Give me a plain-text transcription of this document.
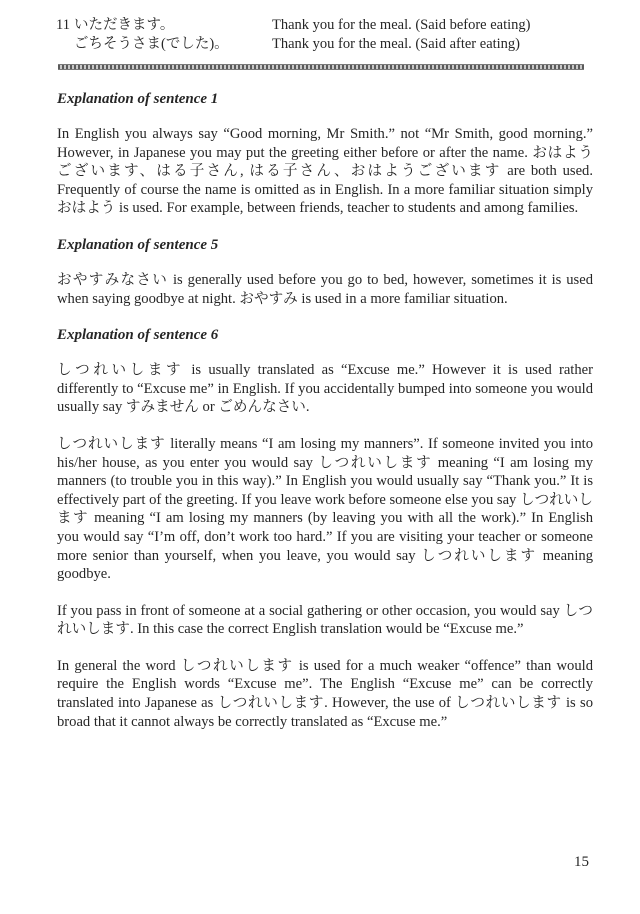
11 いただきます。	Thank you for the meal. (Said before eating)
ごちそうさま(でした)。	Thank you for the meal. (Said after eating)
Explanation of sentence 1

In English you always say “Good morning, Mr Smith.” not “Mr Smith, good morning.” However, in Japanese you may put the greeting either before or after the name. おはようございます、はる子さん, はる子さん、おはようございます are both used. Frequently of course the name is omitted as in English. In a more familiar situation simply おはよう is used. For example, between friends, teacher to students and among families.

Explanation of sentence 5

おやすみなさい is generally used before you go to bed, however, sometimes it is used when saying goodbye at night. おやすみ is used in a more familiar situation.

Explanation of sentence 6

しつれいします is usually translated as “Excuse me.” However it is used rather differently to “Excuse me” in English. If you accidentally bumped into someone you would usually say すみません or ごめんなさい.

しつれいします literally means “I am losing my manners”. If someone invited you into his/her house, as you enter you would say しつれいします meaning “I am losing my manners (to trouble you in this way).” In English you would usually say “Thank you.” It is effectively part of the greeting. If you leave work before someone else you say しつれいします meaning “I am losing my manners (by leaving you with all the work).” In English you would say “I’m off, don’t work too hard.” If you are visiting your teacher or someone more senior than yourself, when you leave, you would say しつれいします meaning goodbye.

If you pass in front of someone at a social gathering or other occasion, you would say しつれいします. In this case the correct English translation would be “Excuse me.”

In general the word しつれいします is used for a much weaker “offence” than would require the English words “Excuse me”. The English “Excuse me” can be correctly translated into Japanese as しつれいします. However, the use of しつれいします is so broad that it cannot always be correctly translated as “Excuse me.”

15
